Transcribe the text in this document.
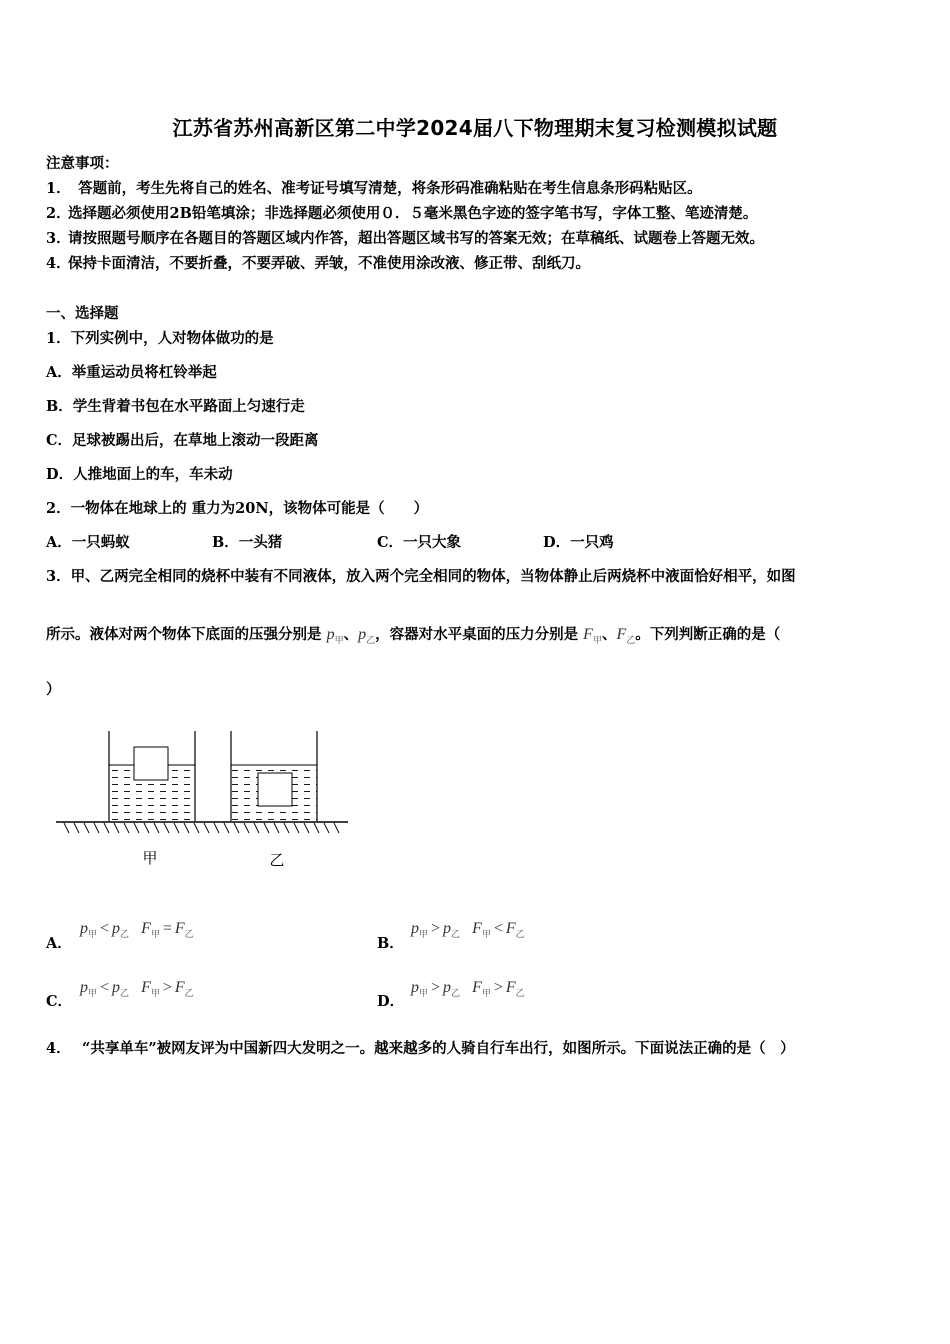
江苏省苏州高新区第二中学2024届八下物理期末复习检测模拟试题
注意事项：
1．  答题前，考生先将自己的姓名、准考证号填写清楚，将条形码准确粘贴在考生信息条形码粘贴区。
2．选择题必须使用2B铅笔填涂；非选择题必须使用０．５毫米黑色字迹的签字笔书写，字体工整、笔迹清楚。
3．请按照题号顺序在各题目的答题区域内作答，超出答题区域书写的答案无效；在草稿纸、试题卷上答题无效。
4．保持卡面清洁，不要折叠，不要弄破、弄皱，不准使用涂改液、修正带、刮纸刀。
一、选择题
1．下列实例中，人对物体做功的是
A．举重运动员将杠铃举起
B．学生背着书包在水平路面上匀速行走
C．足球被踢出后，在草地上滚动一段距离
D．人推地面上的车，车未动
2．一物体在地球上的 重力为20N，该物体可能是（　　）
A．一只蚂蚁	B．一头猪	C．一只大象	D．一只鸡
3．甲、乙两完全相同的烧杯中装有不同液体，放入两个完全相同的物体，当物体静止后两烧杯中液面恰好相平，如图
所示。液体对两个物体下底面的压强分别是 $p_甲$、$p_乙$，容器对水平桌面的压力分别是 $F_甲$、$F_乙$。下列判断正确的是（
）
甲	乙
A．
$p_甲 < p_乙$ $F_甲 = F_乙$
B．
$p_甲 > p_乙$ $F_甲 < F_乙$
C．
$p_甲 < p_乙$ $F_甲 > F_乙$	D．
$p_甲 > p_乙$ $F_甲 > F_乙$
4． “共享单车”被网友评为中国新四大发明之一。越来越多的人骑自行车出行，如图所示。下面说法正确的是（　）
